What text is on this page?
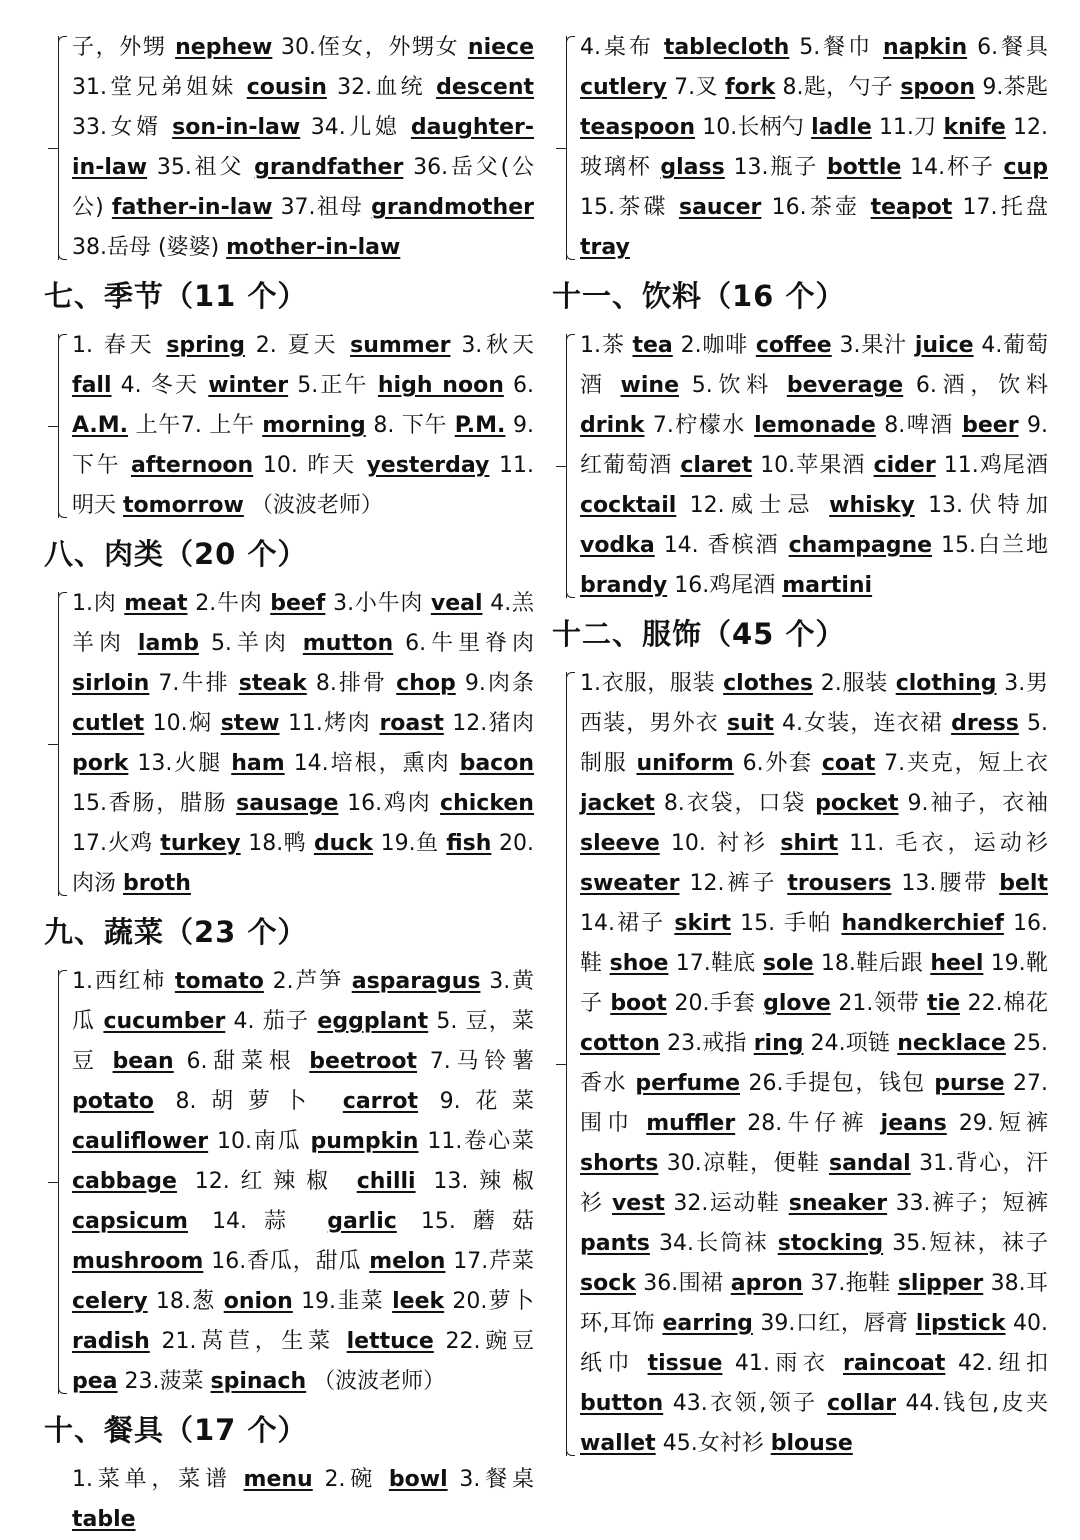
子，外甥 nephew 30.侄女，外甥女 niece 31.堂兄弟姐妹 cousin 32.血统 descent 33.女婿 son-in-law 34.儿媳 daughter-in-law 35.祖父 grandfather 36.岳父(公公) father-in-law 37.祖母 grandmother 38.岳母 (婆婆) mother-in-law
七、季节（11 个）
1. 春天 spring 2. 夏天 summer 3.秋天 fall 4. 冬天 winter 5.正午 high noon 6. A.M. 上午7. 上午 morning 8. 下午 P.M. 9. 下午 afternoon 10. 昨天 yesterday 11. 明天 tomorrow （波波老师）
八、肉类（20 个）
1.肉 meat 2.牛肉 beef 3.小牛肉 veal 4.羔羊肉 lamb 5.羊肉 mutton 6.牛里脊肉 sirloin 7.牛排 steak 8.排骨 chop 9.肉条 cutlet 10.焖 stew 11.烤肉 roast 12.猪肉 pork 13.火腿 ham 14.培根，熏肉 bacon 15.香肠，腊肠 sausage 16.鸡肉 chicken 17.火鸡 turkey 18.鸭 duck 19.鱼 fish 20.肉汤 broth
九、蔬菜（23 个）
1.西红柿 tomato 2.芦笋 asparagus 3.黄瓜 cucumber 4. 茄子 eggplant 5. 豆，菜豆 bean 6.甜菜根 beetroot 7.马铃薯 potato 8.胡萝卜 carrot 9.花菜 cauliflower 10.南瓜 pumpkin 11.卷心菜 cabbage 12.红辣椒 chilli 13.辣椒 capsicum 14.蒜 garlic 15.蘑菇 mushroom 16.香瓜，甜瓜 melon 17.芹菜 celery 18.葱 onion 19.韭菜 leek 20.萝卜 radish 21.莴苣，生菜 lettuce 22.豌豆 pea 23.菠菜 spinach （波波老师）
十、餐具（17 个）
1.菜单，菜谱 menu 2.碗 bowl 3.餐桌 table
4.桌布 tablecloth 5.餐巾 napkin 6.餐具 cutlery 7.叉 fork 8.匙，勺子 spoon 9.茶匙 teaspoon 10.长柄勺 ladle 11.刀 knife 12.玻璃杯 glass 13.瓶子 bottle 14.杯子 cup 15.茶碟 saucer 16.茶壶 teapot 17.托盘 tray
十一、饮料（16 个）
1.茶 tea 2.咖啡 coffee 3.果汁 juice 4.葡萄酒 wine 5.饮料 beverage 6.酒，饮料 drink 7.柠檬水 lemonade 8.啤酒 beer 9.红葡萄酒 claret 10.苹果酒 cider 11.鸡尾酒 cocktail 12.威士忌 whisky 13.伏特加 vodka 14. 香槟酒 champagne 15.白兰地 brandy 16.鸡尾酒 martini
十二、服饰（45 个）
1.衣服，服装 clothes 2.服装 clothing 3.男西装，男外衣 suit 4.女装，连衣裙 dress 5.制服 uniform 6.外套 coat 7.夹克，短上衣 jacket 8.衣袋，口袋 pocket 9.袖子，衣袖 sleeve 10. 衬衫 shirt 11. 毛衣，运动衫 sweater 12.裤子 trousers 13.腰带 belt 14.裙子 skirt 15. 手帕 handkerchief 16.鞋 shoe 17.鞋底 sole 18.鞋后跟 heel 19.靴子 boot 20.手套 glove 21.领带 tie 22.棉花 cotton 23.戒指 ring 24.项链 necklace 25.香水 perfume 26.手提包，钱包 purse 27.围巾 muffler 28.牛仔裤 jeans 29.短裤 shorts 30.凉鞋，便鞋 sandal 31.背心，汗衫 vest 32.运动鞋 sneaker 33.裤子；短裤 pants 34.长筒袜 stocking 35.短袜，袜子 sock 36.围裙 apron 37.拖鞋 slipper 38.耳环,耳饰 earring 39.口红，唇膏 lipstick 40.纸巾 tissue 41.雨衣 raincoat 42.纽扣 button 43.衣领,领子 collar 44.钱包,皮夹 wallet 45.女衬衫 blouse
